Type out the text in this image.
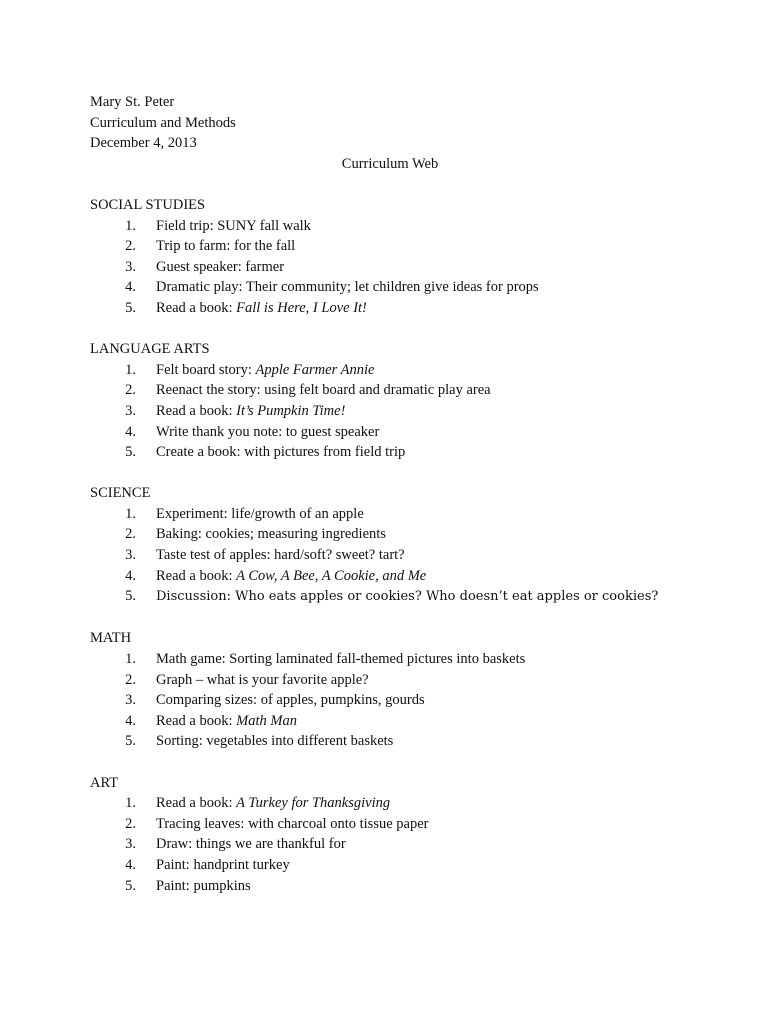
Mary St. Peter
Curriculum and Methods
December 4, 2013
Curriculum Web
SOCIAL STUDIES
1 .	Field trip: SUNY fall walk
2 .	Trip to farm: for the fall
3 .	Guest speaker: farmer
4 .	Dramatic play: Their community; let children give ideas for props
5 .	Read a book: Fall is Here, I Love It!
LANGUAGE ARTS
1 .	Felt board story: Apple Farmer Annie
2 .	Reenact the story: using felt board and dramatic play area
3 .	Read a book: It’s Pumpkin Time!
4 .	Write thank you note: to guest speaker
5 .	Create a book: with pictures from field trip
SCIENCE
1 .	Experiment: life/growth of an apple
2 .	Baking: cookies; measuring ingredients
3 .	Taste test of apples: hard/soft? sweet? tart?
4 .	Read a book: A Cow, A Bee, A Cookie, and Me
5 .	Discussion: Who eats apples or cookies? Who doesn’t eat apples or cookies?
MATH
1 .	Math game: Sorting laminated fall-themed pictures into baskets
2 .	Graph – what is your favorite apple?
3 .	Comparing sizes: of apples, pumpkins, gourds
4 .	Read a book: Math Man
5 .	Sorting: vegetables into different baskets
ART
1 .	Read a book: A Turkey for Thanksgiving
2 .	Tracing leaves: with charcoal onto tissue paper
3 .	Draw: things we are thankful for
4 .	Paint: handprint turkey
5 .	Paint: pumpkins
